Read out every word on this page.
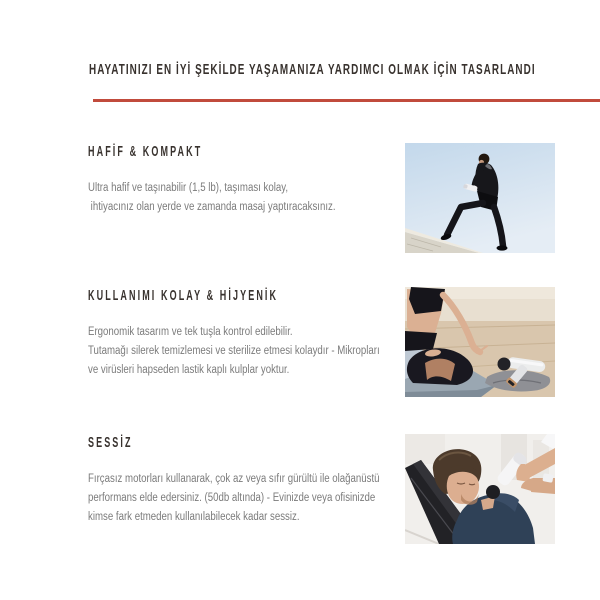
HAYATINIZI EN İYİ ŞEKİLDE YAŞAMANIZA YARDIMCI OLMAK İÇİN TASARLANDI
HAFİF & KOMPAKT

Ultra hafif ve taşınabilir (1,5 lb), taşıması kolay,
ihtiyacınız olan yerde ve zamanda masaj yaptıracaksınız.

KULLANIMI KOLAY & HİJYENİK

Ergonomik tasarım ve tek tuşla kontrol edilebilir.
Tutamağı silerek temizlemesi ve sterilize etmesi kolaydır - Mikropları
ve virüsleri hapseden lastik kaplı kulplar yoktur.

SESSİZ

Fırçasız motorları kullanarak, çok az veya sıfır gürültü ile olağanüstü
performans elde edersiniz. (50db altında) - Evinizde veya ofisinizde
kimse fark etmeden kullanılabilecek kadar sessiz.
